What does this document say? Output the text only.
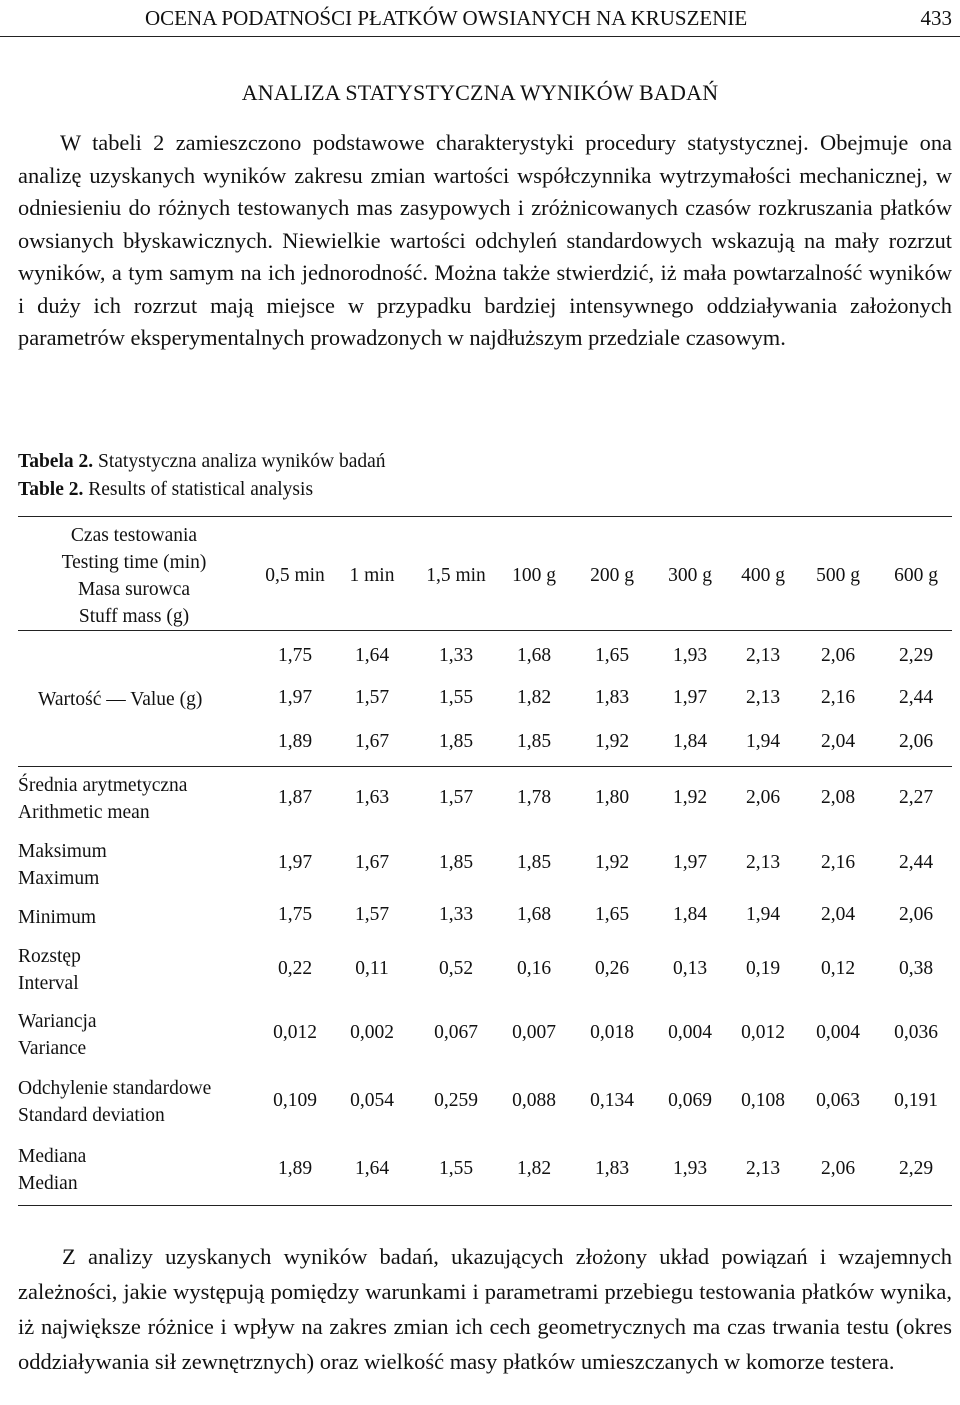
OCENA PODATNOŚCI PŁATKÓW OWSIANYCH NA KRUSZENIE	433
ANALIZA STATYSTYCZNA WYNIKÓW BADAŃ

W tabeli 2 zamieszczono podstawowe charakterystyki procedury statystycznej. Obejmuje ona analizę uzyskanych wyników zakresu zmian wartości współczynnika wytrzymałości mechanicznej, w odniesieniu do różnych testowanych mas zasypowych i zróżnicowanych czasów rozkruszania płatków owsianych błyskawicznych. Niewielkie wartości odchyleń standardowych wskazują na mały rozrzut wyników, a tym samym na ich jednorodność. Można także stwierdzić, iż mała powtarzalność wyników i duży ich rozrzut mają miejsce w przypadku bardziej intensywnego oddziaływania założonych parametrów eksperymentalnych prowadzonych w najdłuższym przedziale czasowym.

Tabela 2. Statystyczna analiza wyników badań
Table 2. Results of statistical analysis
Czas testowania
Testing time (min)
Masa surowca
Stuff mass (g)
0,5 min	1 min	1,5 min	100 g	200 g	300 g	400 g	500 g	600 g
1,75	1,64	1,33	1,68	1,65	1,93	2,13	2,06	2,29
1,97	1,57	1,55	1,82	1,83	1,97	2,13	2,16	2,44
1,89	1,67	1,85	1,85	1,92	1,84	1,94	2,04	2,06
Wartość ― Value (g)
Średnia arytmetyczna
Arithmetic mean
1,87	1,63	1,57	1,78	1,80	1,92	2,06	2,08	2,27
Maksimum
Maximum
1,97	1,67	1,85	1,85	1,92	1,97	2,13	2,16	2,44
Minimum	1,75	1,57	1,33	1,68	1,65	1,84	1,94	2,04	2,06
Rozstęp
Interval
0,22	0,11	0,52	0,16	0,26	0,13	0,19	0,12	0,38
Wariancja
Variance
0,012	0,002	0,067	0,007	0,018	0,004	0,012	0,004	0,036
Odchylenie standardowe
Standard deviation
0,109	0,054	0,259	0,088	0,134	0,069	0,108	0,063	0,191
Mediana
Median
1,89	1,64	1,55	1,82	1,83	1,93	2,13	2,06	2,29

Z analizy uzyskanych wyników badań, ukazujących złożony układ powiązań i wzajemnych zależności, jakie występują pomiędzy warunkami i parametrami przebiegu testowania płatków wynika, iż największe różnice i wpływ na zakres zmian ich cech geometrycznych ma czas trwania testu (okres oddziaływania sił zewnętrznych) oraz wielkość masy płatków umieszczanych w komorze testera.
